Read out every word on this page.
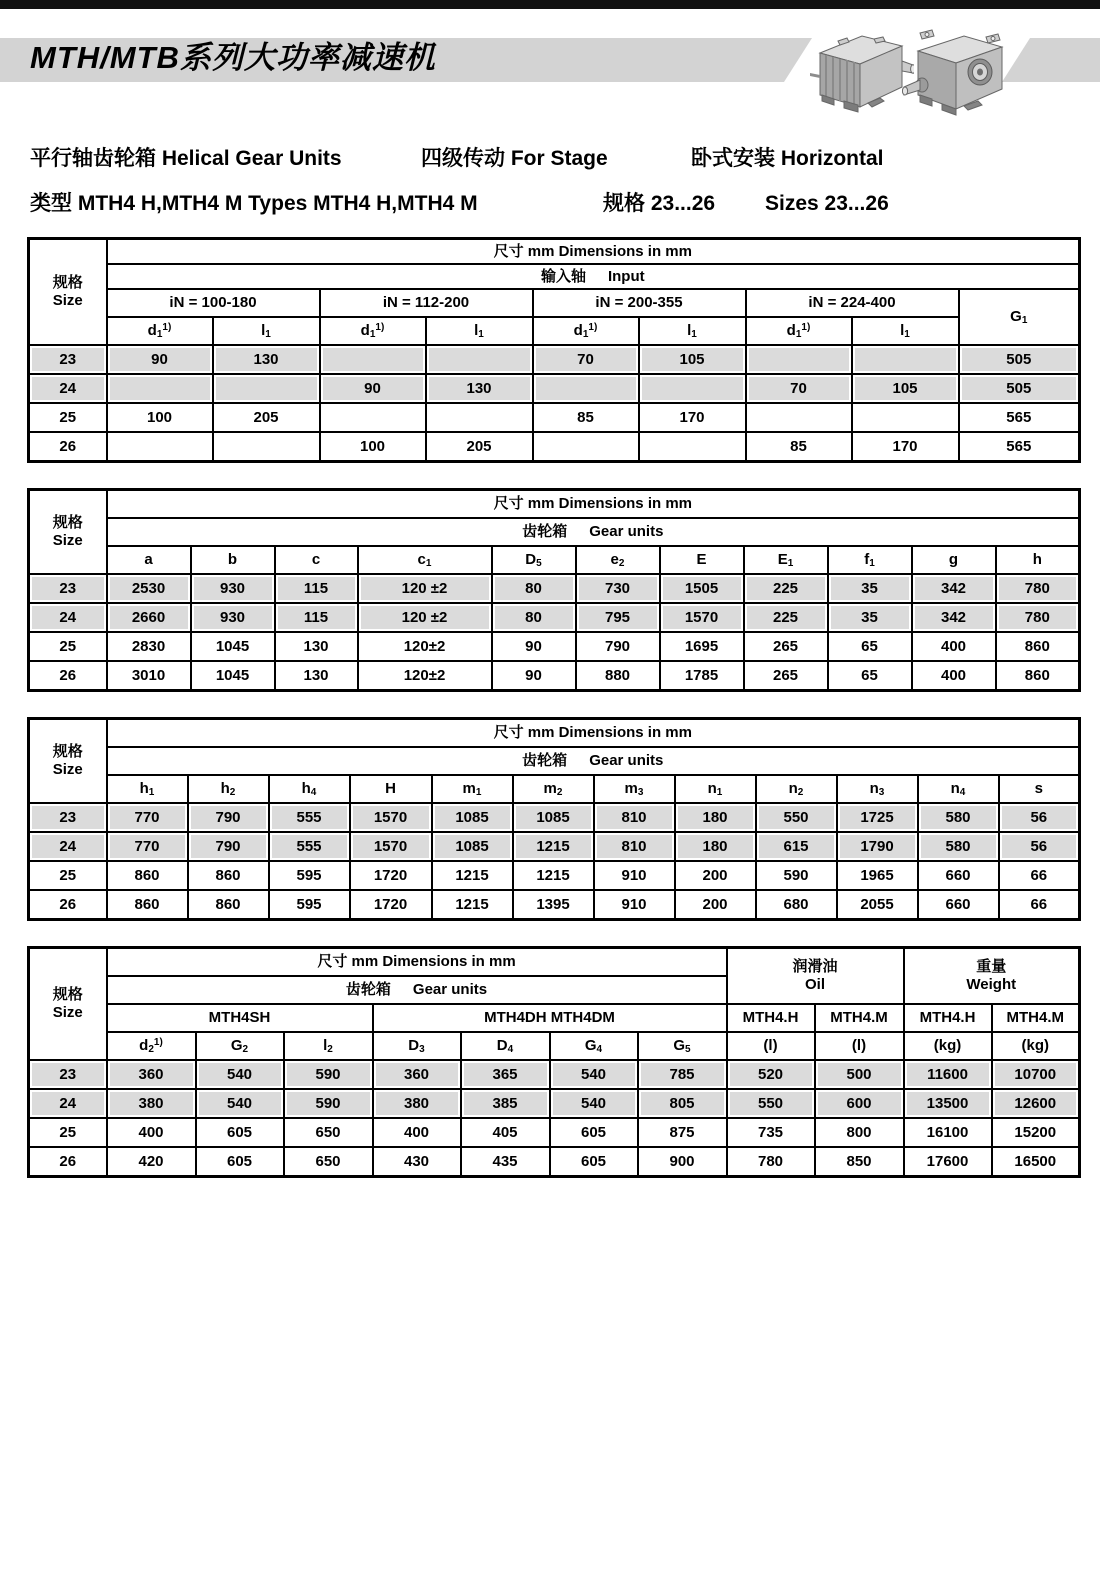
MTH/MTB系列大功率减速机
平行轴齿轮箱 Helical Gear Units	四级传动 For Stage	卧式安装 Horizontal
类型 MTH4 H,MTH4 M Types MTH4 H,MTH4 M	规格 23...26 Sizes 23...26
规格
Size	尺寸 mm Dimensions in mm								
	输入轴 Input								
	iN = 100-180		iN = 112-200		iN = 200-355		iN = 224-400		$G_1$
	$d_1^{1)}$	$l_1$	$d_1^{1)}$	$l_1$	$d_1^{1)}$	$l_1$	$d_1^{1)}$	$l_1$
23	90	130			70	105			505
24			90	130			70	105	505
25	100	205			85	170			565
26			100	205			85	170	565
规格
Size	尺寸 mm Dimensions in mm										
	齿轮箱 Gear units										
	a	b	c	$c_1$	$D_5$	$e_2$	E	$E_1$	$f_1$	g	h
23	2530	930	115	120 ±2	80	730	1505	225	35	342	780
24	2660	930	115	120 ±2	80	795	1570	225	35	342	780
25	2830	1045	130	120±2	90	790	1695	265	65	400	860
26	3010	1045	130	120±2	90	880	1785	265	65	400	860
规格
Size	尺寸 mm Dimensions in mm											
	齿轮箱 Gear units											
	$h_1$	$h_2$	$h_4$	H	$m_1$	$m_2$	$m_3$	$n_1$	$n_2$	$n_3$	$n_4$	s
23	770	790	555	1570	1085	1085	810	180	550	1725	580	56
24	770	790	555	1570	1085	1215	810	180	615	1790	580	56
25	860	860	595	1720	1215	1215	910	200	590	1965	660	66
26	860	860	595	1720	1215	1395	910	200	680	2055	660	66
规格
Size
	尺寸 mm Dimensions in mm	润滑油
Oil

重量
Weight

	齿轮箱 Gear units										
	MTH4SH			MTH4DH MTH4DM				MTH4.H	MTH4.M	MTH4.H	MTH4.M
	$d_2^{1)}$	$G_2$	$l_2$	$D_3$	$D_4$	$G_4$	$G_5$	(l)	(l)	(kg)	(kg)
23	360	540	590	360	365	540	785	520	500	11600	10700
24	380	540	590	380	385	540	805	550	600	13500	12600
25	400	605	650	400	405	605	875	735	800	16100	15200
26	420	605	650	430	435	605	900	780	850	17600	16500
